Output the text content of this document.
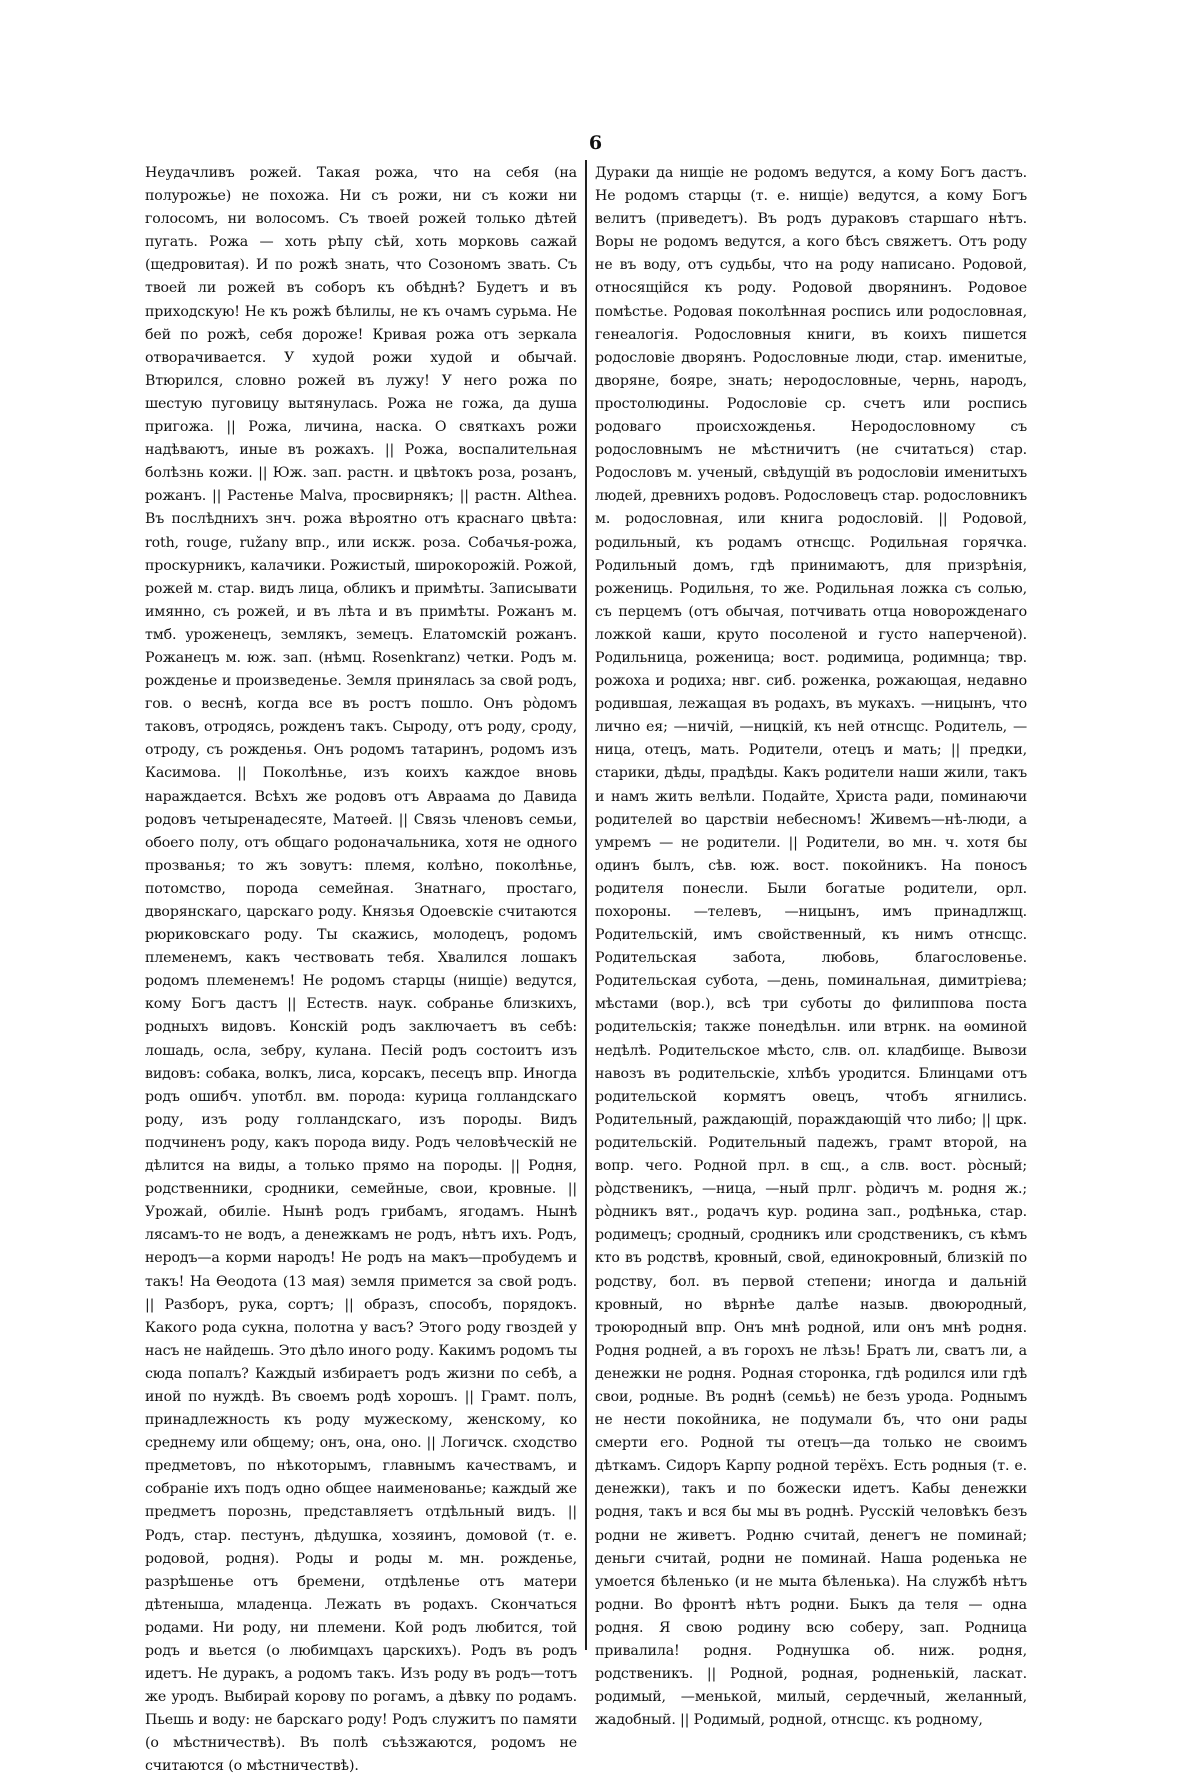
6

Неудачливъ рожей. Такая рожа, что на себя (на полурожье) не похожа. Ни съ рожи, ни съ кожи ни голосомъ, ни волосомъ. Съ твоей рожей только дѣтей пугать. Рожа — хоть рѣпу сѣй, хоть морковь сажай (щедровитая). И по рожѣ знать, что Созономъ звать. Съ твоей ли рожей въ соборъ къ обѣднѣ? Будетъ и въ приходскую! Не къ рожѣ бѣлилы, не къ очамъ сурьма. Не бей по рожѣ, себя дороже! Кривая рожа отъ зеркала отворачивается. У худой рожи худой и обычай. Втюрился, словно рожей въ лужу! У него рожа по шестую пуговицу вытянулась. Рожа не гожа, да душа пригожа. || Рожа, личина, наска. О святкахъ рожи надѣваютъ, иные въ рожахъ. || Рожа, воспалительная болѣзнь кожи. || Юж. зап. растн. и цвѣтокъ роза, розанъ, рожанъ. || Растенье Malva, просвирнякъ; || растн. Althea. Въ послѣднихъ знч. рожа вѣроятно отъ краснаго цвѣта: roth, rouge, ružany впр., или искж. роза. Собачья-рожа, проскурникъ, калачики. Рожистый, широкорожій. Рожой, рожей м. стар. видъ лица, обликъ и примѣты. Записывати имянно, съ рожей, и въ лѣта и въ примѣты. Рожанъ м. тмб. уроженецъ, землякъ, земецъ. Елатомскій рожанъ. Рожанецъ м. юж. зап. (нѣмц. Rosenkranz) четки. Родъ м. рожденье и произведенье. Земля принялась за свой родъ, гов. о веснѣ, когда все въ ростъ пошло. Онъ рòдомъ таковъ, отродясь, рожденъ такъ. Сыроду, отъ роду, сроду, отроду, съ рожденья. Онъ родомъ татаринъ, родомъ изъ Касимова. || Поколѣнье, изъ коихъ каждое вновь нараждается. Всѣхъ же родовъ отъ Авраама до Давида родовъ четыренадесяте, Матѳей. || Связь членовъ семьи, обоего полу, отъ общаго родоначальника, хотя не одного прозванья; то жъ зовутъ: племя, колѣно, поколѣнье, потомство, порода семейная. Знатнаго, простаго, дворянскаго, царскаго роду. Князья Одоевскіе считаются рюриковскаго роду. Ты скажись, молодецъ, родомъ племенемъ, какъ чествовать тебя. Хвалился лошакъ родомъ племенемъ! Не родомъ старцы (нищіе) ведутся, кому Богъ дастъ || Естеств. наук. собранье близкихъ, родныхъ видовъ. Конскій родъ заключаетъ въ себѣ: лошадь, осла, зебру, кулана. Песій родъ состоитъ изъ видовъ: собака, волкъ, лиса, корсакъ, песецъ впр. Иногда родъ ошибч. употбл. вм. порода: курица голландскаго роду, изъ роду голландскаго, изъ породы. Видъ подчиненъ роду, какъ порода виду. Родъ человѣческій не дѣлится на виды, а только прямо на породы. || Родня, родственники, сродники, семейные, свои, кровные. || Урожай, обиліе. Нынѣ родъ грибамъ, ягодамъ. Нынѣ лясамъ-то не водъ, а денежкамъ не родъ, нѣтъ ихъ. Родъ, неродъ—а корми народъ! Не родъ на макъ—пробудемъ и такъ! На Ѳеодота (13 мая) земля примется за свой родъ. || Разборъ, рука, сортъ; || образъ, способъ, порядокъ. Какого рода сукна, полотна у васъ? Этого роду гвоздей у насъ не найдешь. Это дѣло иного роду. Какимъ родомъ ты сюда попалъ? Каждый избираетъ родъ жизни по себѣ, а иной по нуждѣ. Въ своемъ родѣ хорошъ. || Грамт. полъ, принадлежность къ роду мужескому, женскому, ко среднему или общему; онъ, она, оно. || Логичск. сходство предметовъ, по нѣкоторымъ, главнымъ качествамъ, и собраніе ихъ подъ одно общее наименованье; каждый же предметъ порознь, представляетъ отдѣльный видъ. || Родъ, стар. пестунъ, дѣдушка, хозяинъ, домовой (т. е. родовой, родня). Роды и роды м. мн. рожденье, разрѣшенье отъ бремени, отдѣленье отъ матери дѣтеныша, младенца. Лежать въ родахъ. Скончаться родами. Ни роду, ни племени. Кой родъ любится, той родъ и вьется (о любимцахъ царскихъ). Родъ въ родъ идетъ. Не дуракъ, а родомъ такъ. Изъ роду въ родъ—тотъ же уродъ. Выбирай корову по рогамъ, а дѣвку по родамъ. Пьешь и воду: не барскаго роду! Родъ служитъ по памяти (о мѣстничествѣ). Въ полѣ съѣзжаются, родомъ не считаются (о мѣстничествѣ).

Дураки да нищіе не родомъ ведутся, а кому Богъ дастъ. Не родомъ старцы (т. е. нищіе) ведутся, а кому Богъ велитъ (приведетъ). Въ родъ дураковъ старшаго нѣтъ. Воры не родомъ ведутся, а кого бѣсъ свяжетъ. Отъ роду не въ воду, отъ судьбы, что на роду написано. Родовой, относящійся къ роду. Родовой дворянинъ. Родовое помѣстье. Родовая поколѣнная роспись или родословная, генеалогія. Родословныя книги, въ коихъ пишется родословіе дворянъ. Родословные люди, стар. именитые, дворяне, бояре, знать; неродословные, чернь, народъ, простолюдины. Родословіе ср. счетъ или роспись родоваго происхожденья. Неродословному съ родословнымъ не мѣстничитъ (не считаться) стар. Родословъ м. ученый, свѣдущій въ родословіи именитыхъ людей, древнихъ родовъ. Родословецъ стар. родословникъ м. родословная, или книга родословій. || Родовой, родильный, къ родамъ отнсщс. Родильная горячка. Родильный домъ, гдѣ принимаютъ, для призрѣнія, рожениць. Родильня, то же. Родильная ложка съ солью, съ перцемъ (отъ обычая, потчивать отца новорожденаго ложкой каши, круто посоленой и густо наперченой). Родильница, роженица; вост. родимица, родимнца; твр. рожоха и родиха; нвг. сиб. роженка, рожающая, недавно родившая, лежащая въ родахъ, въ мукахъ. —ницынъ, что лично ея; —ничій, —ницкій, къ ней отнсщс. Родитель, —ница, отецъ, мать. Родители, отецъ и мать; || предки, старики, дѣды, прадѣды. Какъ родители наши жили, такъ и намъ жить велѣли. Подайте, Христа ради, поминаючи родителей во царствіи небесномъ! Живемъ—нѣ-люди, а умремъ — не родители. || Родители, во мн. ч. хотя бы одинъ былъ, сѣв. юж. вост. покойникъ. На поносъ родителя понесли. Были богатые родители, орл. похороны. —телевъ, —ницынъ, имъ принадлжщ. Родительскій, имъ свойственный, къ нимъ отнсщс. Родительская забота, любовь, благословенье. Родительская субота, —день, поминальная, димитріева; мѣстами (вор.), всѣ три суботы до филиппова поста родительскія; также понедѣльн. или втрнк. на ѳоминой недѣлѣ. Родительское мѣсто, слв. ол. кладбище. Вывози навозъ въ родительскіе, хлѣбъ уродится. Блинцами отъ родительской кормятъ овецъ, чтобъ ягнились. Родительный, раждающій, пораждающій что либо; || црк. родительскій. Родительный падежъ, грамт второй, на вопр. чего. Родной прл. в сщ., а слв. вост. рòсный; рòдственикъ, —ница, —ный прлг. рòдичъ м. родня ж.; рòдникъ вят., родачъ кур. родина зап., родѣнька, стар. родимецъ; сродный, сродникъ или сродственикъ, съ кѣмъ кто въ родствѣ, кровный, свой, единокровный, близкій по родству, бол. въ первой степени; иногда и дальній кровный, но вѣрнѣе далѣе назыв. двоюродный, троюродный впр. Онъ мнѣ родной, или онъ мнѣ родня. Родня родней, а въ горохъ не лѣзь! Братъ ли, сватъ ли, а денежки не родня. Родная сторонка, гдѣ родился или гдѣ свои, родные. Въ роднѣ (семьѣ) не безъ урода. Роднымъ не нести покойника, не подумали бъ, что они рады смерти его. Родной ты отецъ—да только не своимъ дѣткамъ. Сидоръ Карпу родной терёхъ. Есть родныя (т. е. денежки), такъ и по божески идетъ. Кабы денежки родня, такъ и вся бы мы въ роднѣ. Русскій человѣкъ безъ родни не живетъ. Родню считай, денегъ не поминай; деньги считай, родни не поминай. Наша роденька не умоется бѣленько (и не мыта бѣленька). На службѣ нѣтъ родни. Во фронтѣ нѣтъ родни. Быкъ да теля — одна родня. Я свою родину всю соберу, зап. Родница привалила! родня. Роднушка об. ниж. родня, родственикъ. || Родной, родная, родненькій, ласкат. родимый, —менькой, милый, сердечный, желанный, жадобный. || Родимый, родной, отнсщс. къ родному,
